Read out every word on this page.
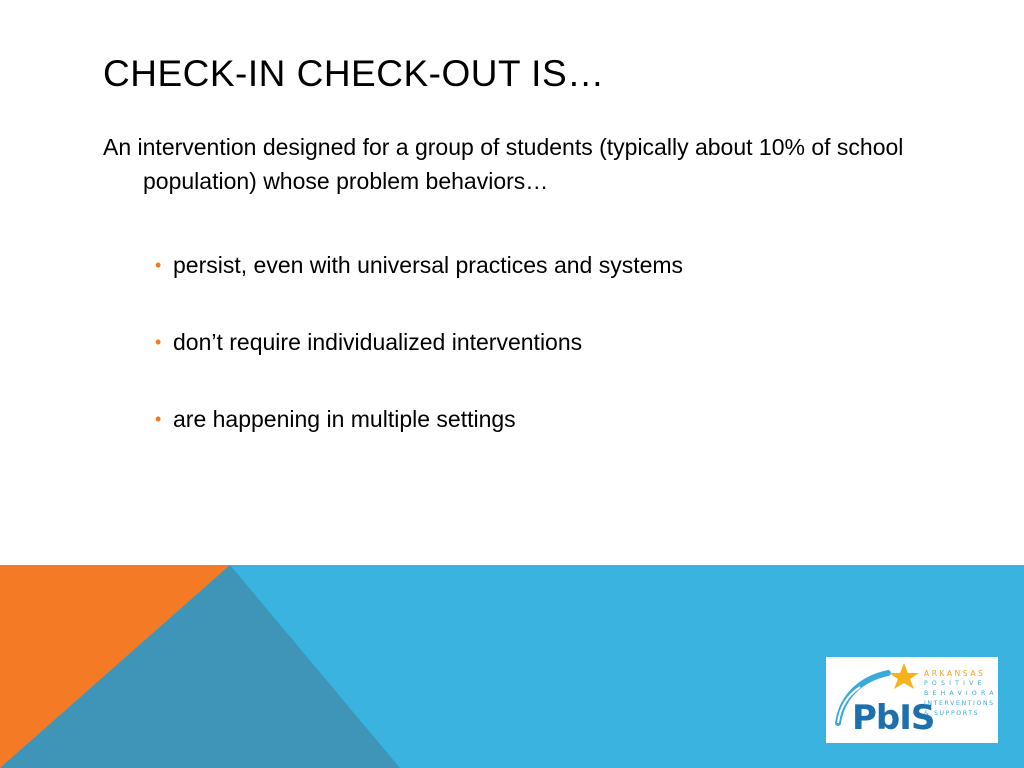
CHECK-IN CHECK-OUT IS…

An intervention designed for a group of students (typically about 10% of school population) whose problem behaviors…

• persist, even with universal practices and systems
• don’t require individualized interventions
• are happening in multiple settings
PbIS
ARKANSAS
POSITIVE
BEHAVIORAL
INTERVENTIONS
& SUPPORTS
